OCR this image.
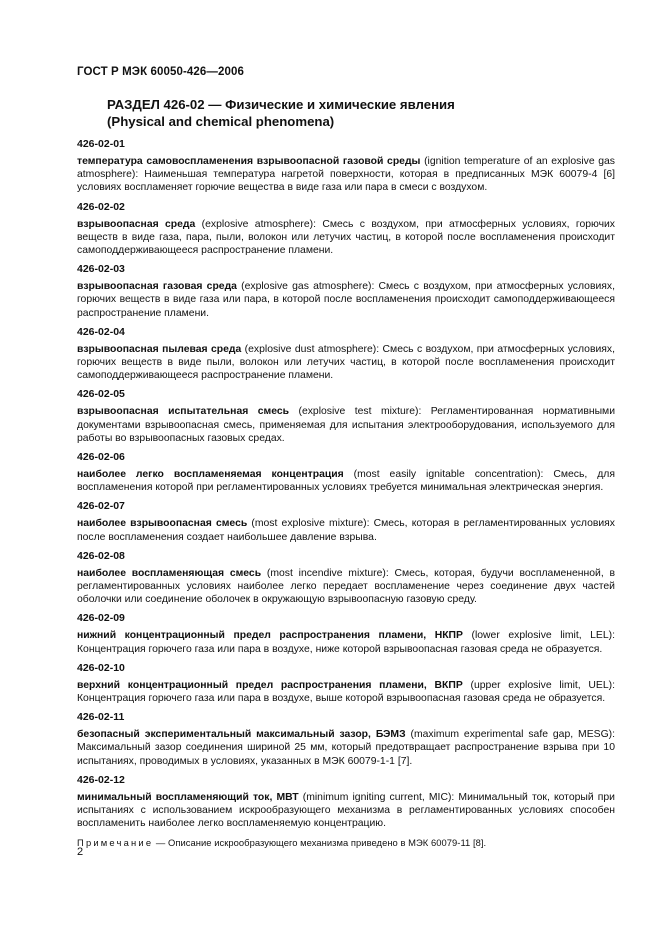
ГОСТ Р МЭК 60050-426—2006
РАЗДЕЛ 426-02 — Физические и химические явления
(Physical and chemical phenomena)
426-02-01

температура самовоспламенения взрывоопасной газовой среды (ignition temperature of an explosive gas atmosphere): Наименьшая температура нагретой поверхности, которая в предписанных МЭК 60079-4 [6] условиях воспламеняет горючие вещества в виде газа или пара в смеси с воздухом.

426-02-02

взрывоопасная среда (explosive atmosphere): Смесь с воздухом, при атмосферных условиях, горючих веществ в виде газа, пара, пыли, волокон или летучих частиц, в которой после воспламенения происходит самоподдерживающееся распространение пламени.

426-02-03

взрывоопасная газовая среда (explosive gas atmosphere): Смесь с воздухом, при атмосферных условиях, горючих веществ в виде газа или пара, в которой после воспламенения происходит самоподдерживающееся распространение пламени.

426-02-04

взрывоопасная пылевая среда (explosive dust atmosphere): Смесь с воздухом, при атмосферных условиях, горючих веществ в виде пыли, волокон или летучих частиц, в которой после воспламенения происходит самоподдерживающееся распространение пламени.

426-02-05

взрывоопасная испытательная смесь (explosive test mixture): Регламентированная нормативными документами взрывоопасная смесь, применяемая для испытания электрооборудования, используемого для работы во взрывоопасных газовых средах.

426-02-06

наиболее легко воспламеняемая концентрация (most easily ignitable concentration): Смесь, для воспламенения которой при регламентированных условиях требуется минимальная электрическая энергия.

426-02-07

наиболее взрывоопасная смесь (most explosive mixture): Смесь, которая в регламентированных условиях после воспламенения создает наибольшее давление взрыва.

426-02-08

наиболее воспламеняющая смесь (most incendive mixture): Смесь, которая, будучи воспламененной, в регламентированных условиях наиболее легко передает воспламенение через соединение двух частей оболочки или соединение оболочек в окружающую взрывоопасную газовую среду.

426-02-09

нижний концентрационный предел распространения пламени, НКПР (lower explosive limit, LEL): Концентрация горючего газа или пара в воздухе, ниже которой взрывоопасная газовая среда не образуется.

426-02-10

верхний концентрационный предел распространения пламени, ВКПР (upper explosive limit, UEL): Концентрация горючего газа или пара в воздухе, выше которой взрывоопасная газовая среда не образуется.

426-02-11

безопасный экспериментальный максимальный зазор, БЭМЗ (maximum experimental safe gap, MESG): Максимальный зазор соединения шириной 25 мм, который предотвращает распространение взрыва при 10 испытаниях, проводимых в условиях, указанных в МЭК 60079-1-1 [7].

426-02-12

минимальный воспламеняющий ток, МВТ (minimum igniting current, MIC): Минимальный ток, который при испытаниях с использованием искрообразующего механизма в регламентированных условиях способен воспламенить наиболее легко воспламеняемую концентрацию.

Примечание — Описание искрообразующего механизма приведено в МЭК 60079-11 [8].

2
